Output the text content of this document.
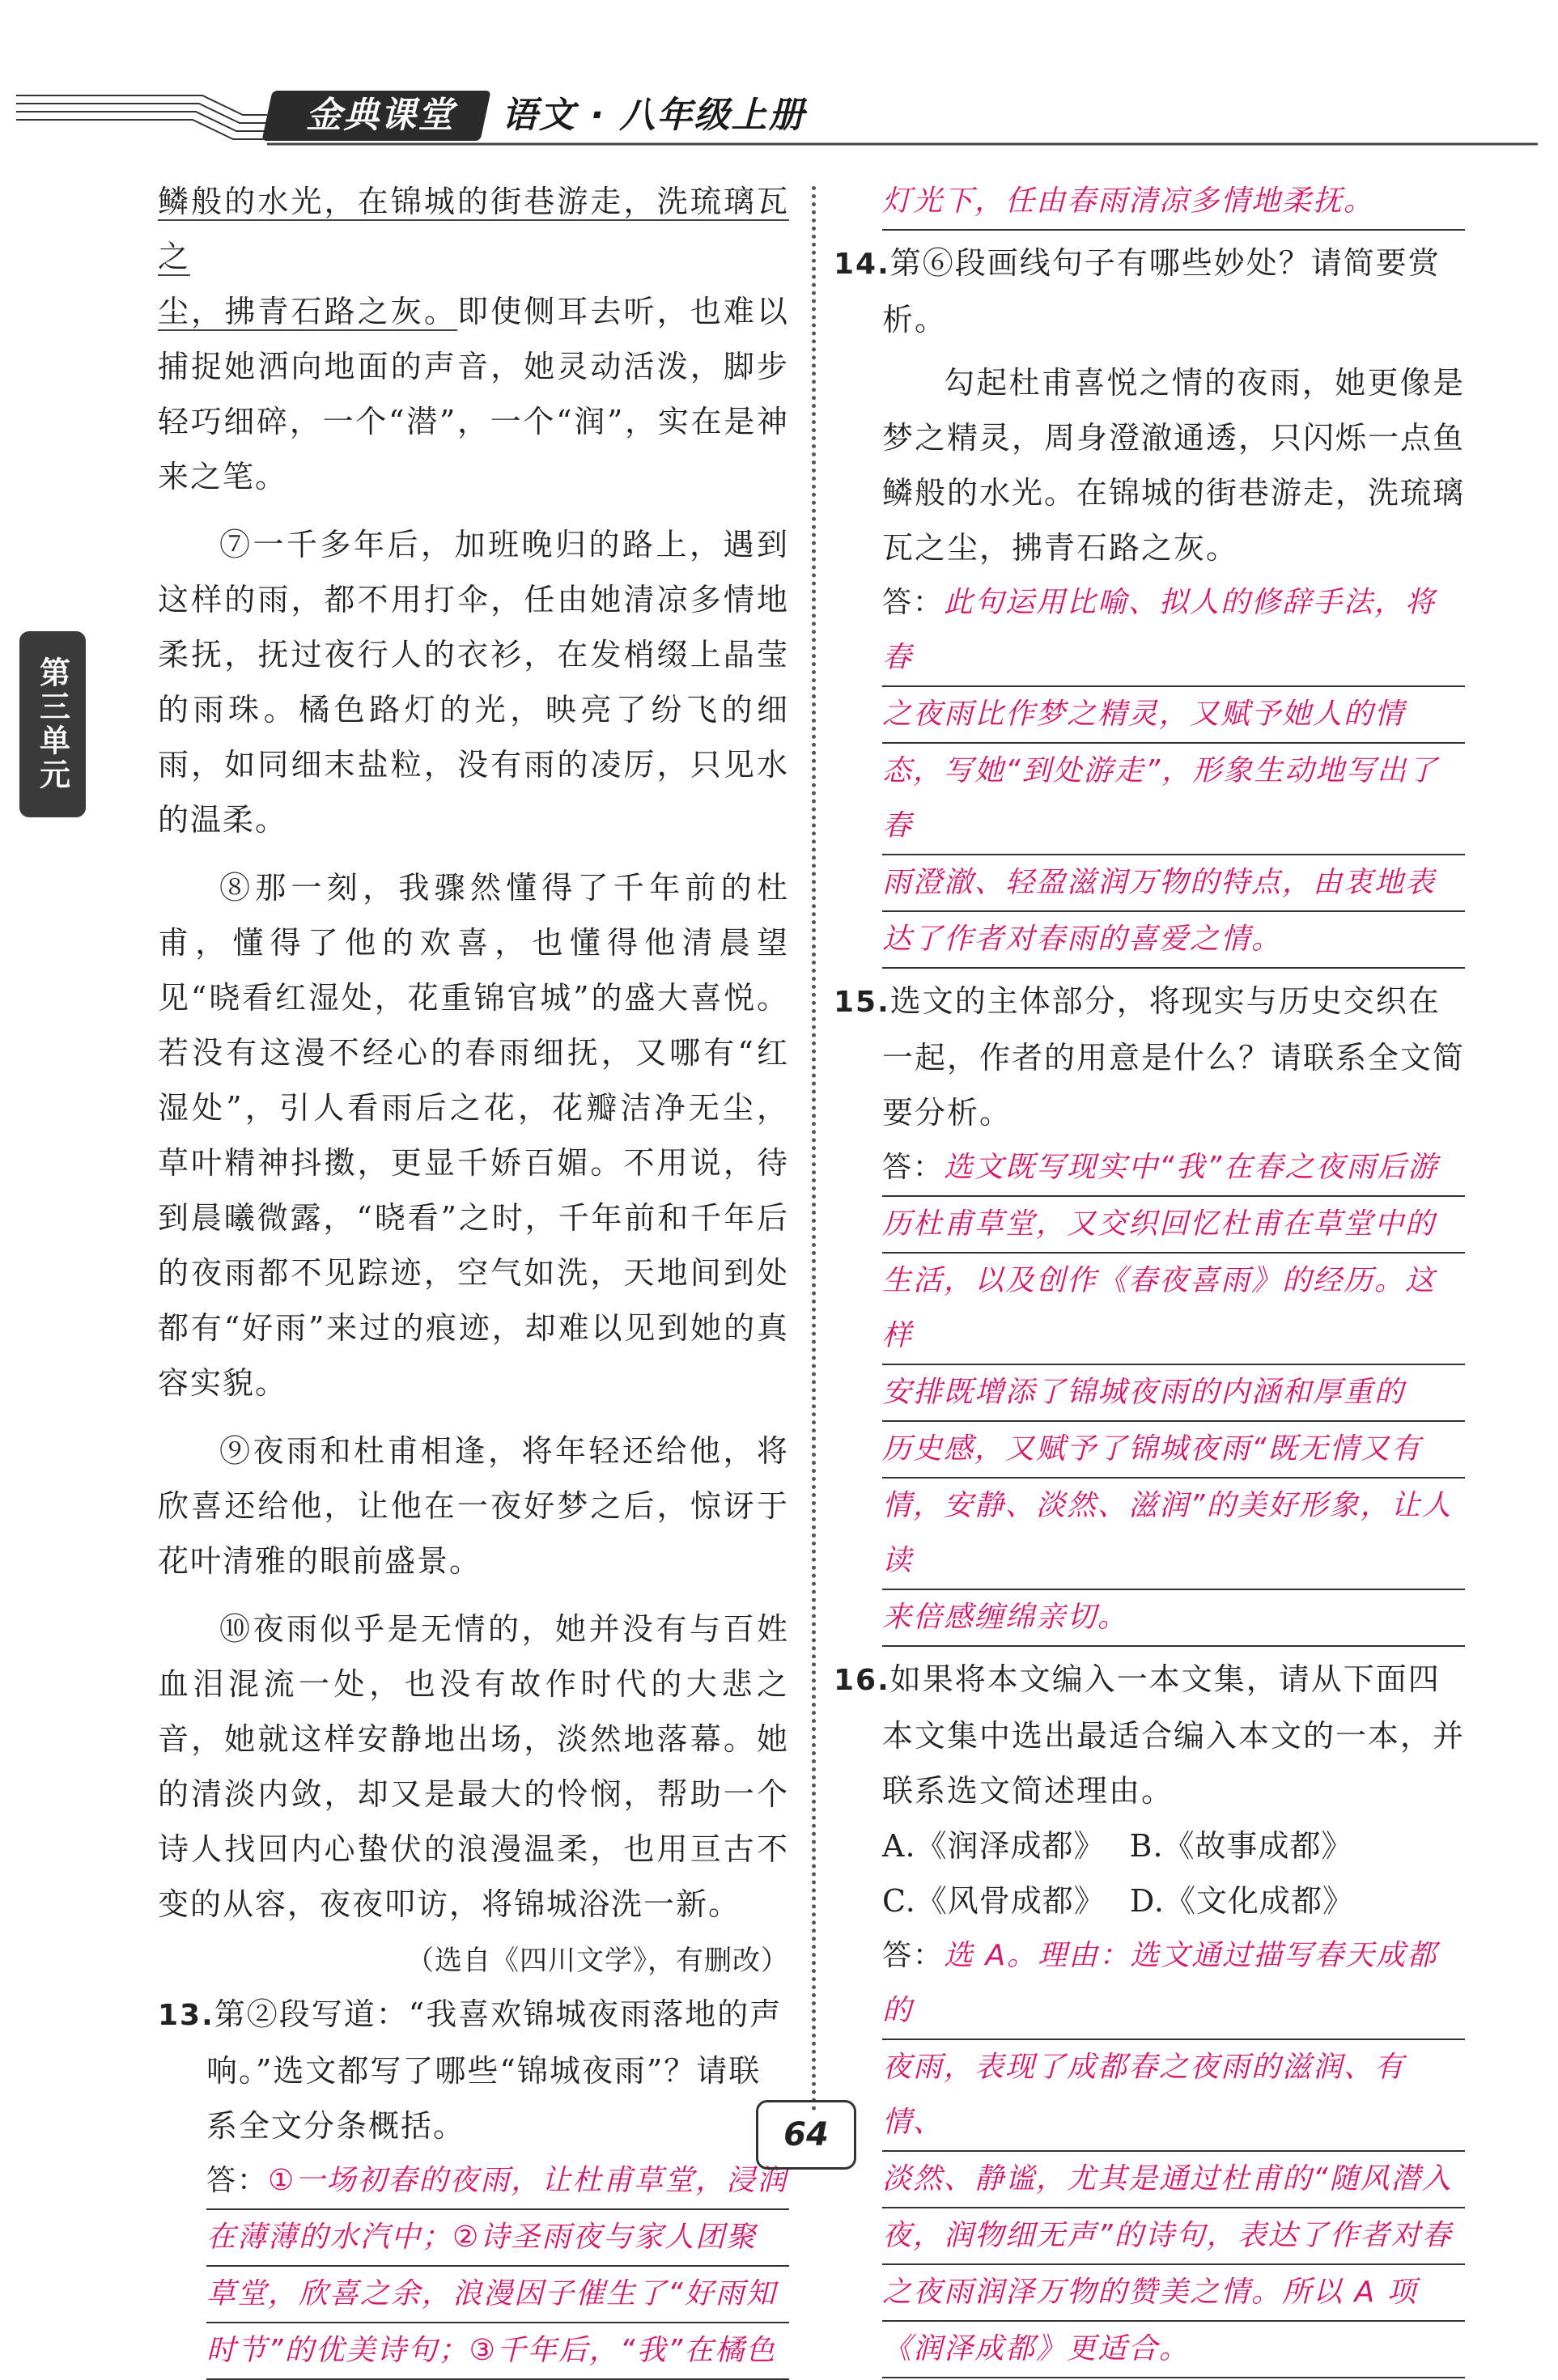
金典课堂	语文 · 八年级上册
第三单元

鳞般的水光，在锦城的街巷游走，洗琉璃瓦之
尘，拂青石路之灰。即使侧耳去听，也难以捕捉她洒向地面的声音，她灵动活泼，脚步轻巧细碎，一个“潜”，一个“润”，实在是神来之笔。

⑦一千多年后，加班晚归的路上，遇到这样的雨，都不用打伞，任由她清凉多情地柔抚，抚过夜行人的衣衫，在发梢缀上晶莹的雨珠。橘色路灯的光，映亮了纷飞的细雨，如同细末盐粒，没有雨的凌厉，只见水的温柔。

⑧那一刻，我骤然懂得了千年前的杜甫，懂得了他的欢喜，也懂得他清晨望见“晓看红湿处，花重锦官城”的盛大喜悦。若没有这漫不经心的春雨细抚，又哪有“红湿处”，引人看雨后之花，花瓣洁净无尘，草叶精神抖擞，更显千娇百媚。不用说，待到晨曦微露，“晓看”之时，千年前和千年后的夜雨都不见踪迹，空气如洗，天地间到处都有“好雨”来过的痕迹，却难以见到她的真容实貌。

⑨夜雨和杜甫相逢，将年轻还给他，将欣喜还给他，让他在一夜好梦之后，惊讶于花叶清雅的眼前盛景。

⑩夜雨似乎是无情的，她并没有与百姓血泪混流一处，也没有故作时代的大悲之音，她就这样安静地出场，淡然地落幕。她的清淡内敛，却又是最大的怜悯，帮助一个诗人找回内心蛰伏的浪漫温柔，也用亘古不变的从容，夜夜叩访，将锦城浴洗一新。

（选自《四川文学》，有删改）

13.第②段写道：“我喜欢锦城夜雨落地的声响。”选文都写了哪些“锦城夜雨”？请联系全文分条概括。

答：①一场初春的夜雨，让杜甫草堂，浸润
在薄薄的水汽中；②诗圣雨夜与家人团聚
草堂，欣喜之余，浪漫因子催生了“好雨知
时节”的优美诗句；③千年后，“我”在橘色
灯光下，任由春雨清凉多情地柔抚。

14.第⑥段画线句子有哪些妙处？请简要赏析。

勾起杜甫喜悦之情的夜雨，她更像是梦之精灵，周身澄澈通透，只闪烁一点鱼鳞般的水光。在锦城的街巷游走，洗琉璃瓦之尘，拂青石路之灰。

答：此句运用比喻、拟人的修辞手法，将春
之夜雨比作梦之精灵，又赋予她人的情
态，写她“到处游走”，形象生动地写出了春
雨澄澈、轻盈滋润万物的特点，由衷地表
达了作者对春雨的喜爱之情。

15.选文的主体部分，将现实与历史交织在一起，作者的用意是什么？请联系全文简要分析。

答：选文既写现实中“我”在春之夜雨后游
历杜甫草堂，又交织回忆杜甫在草堂中的
生活，以及创作《春夜喜雨》的经历。这样
安排既增添了锦城夜雨的内涵和厚重的
历史感，又赋予了锦城夜雨“既无情又有
情，安静、淡然、滋润”的美好形象，让人读
来倍感缠绵亲切。

16.如果将本文编入一本文集，请从下面四本文集中选出最适合编入本文的一本，并联系选文简述理由。

A.《润泽成都》 B.《故事成都》

C.《风骨成都》 D.《文化成都》

答：选 A。理由：选文通过描写春天成都的
夜雨，表现了成都春之夜雨的滋润、有情、
淡然、静谧，尤其是通过杜甫的“随风潜入
夜，润物细无声”的诗句，表达了作者对春
之夜雨润泽万物的赞美之情。所以 A 项
《润泽成都》更适合。
64
